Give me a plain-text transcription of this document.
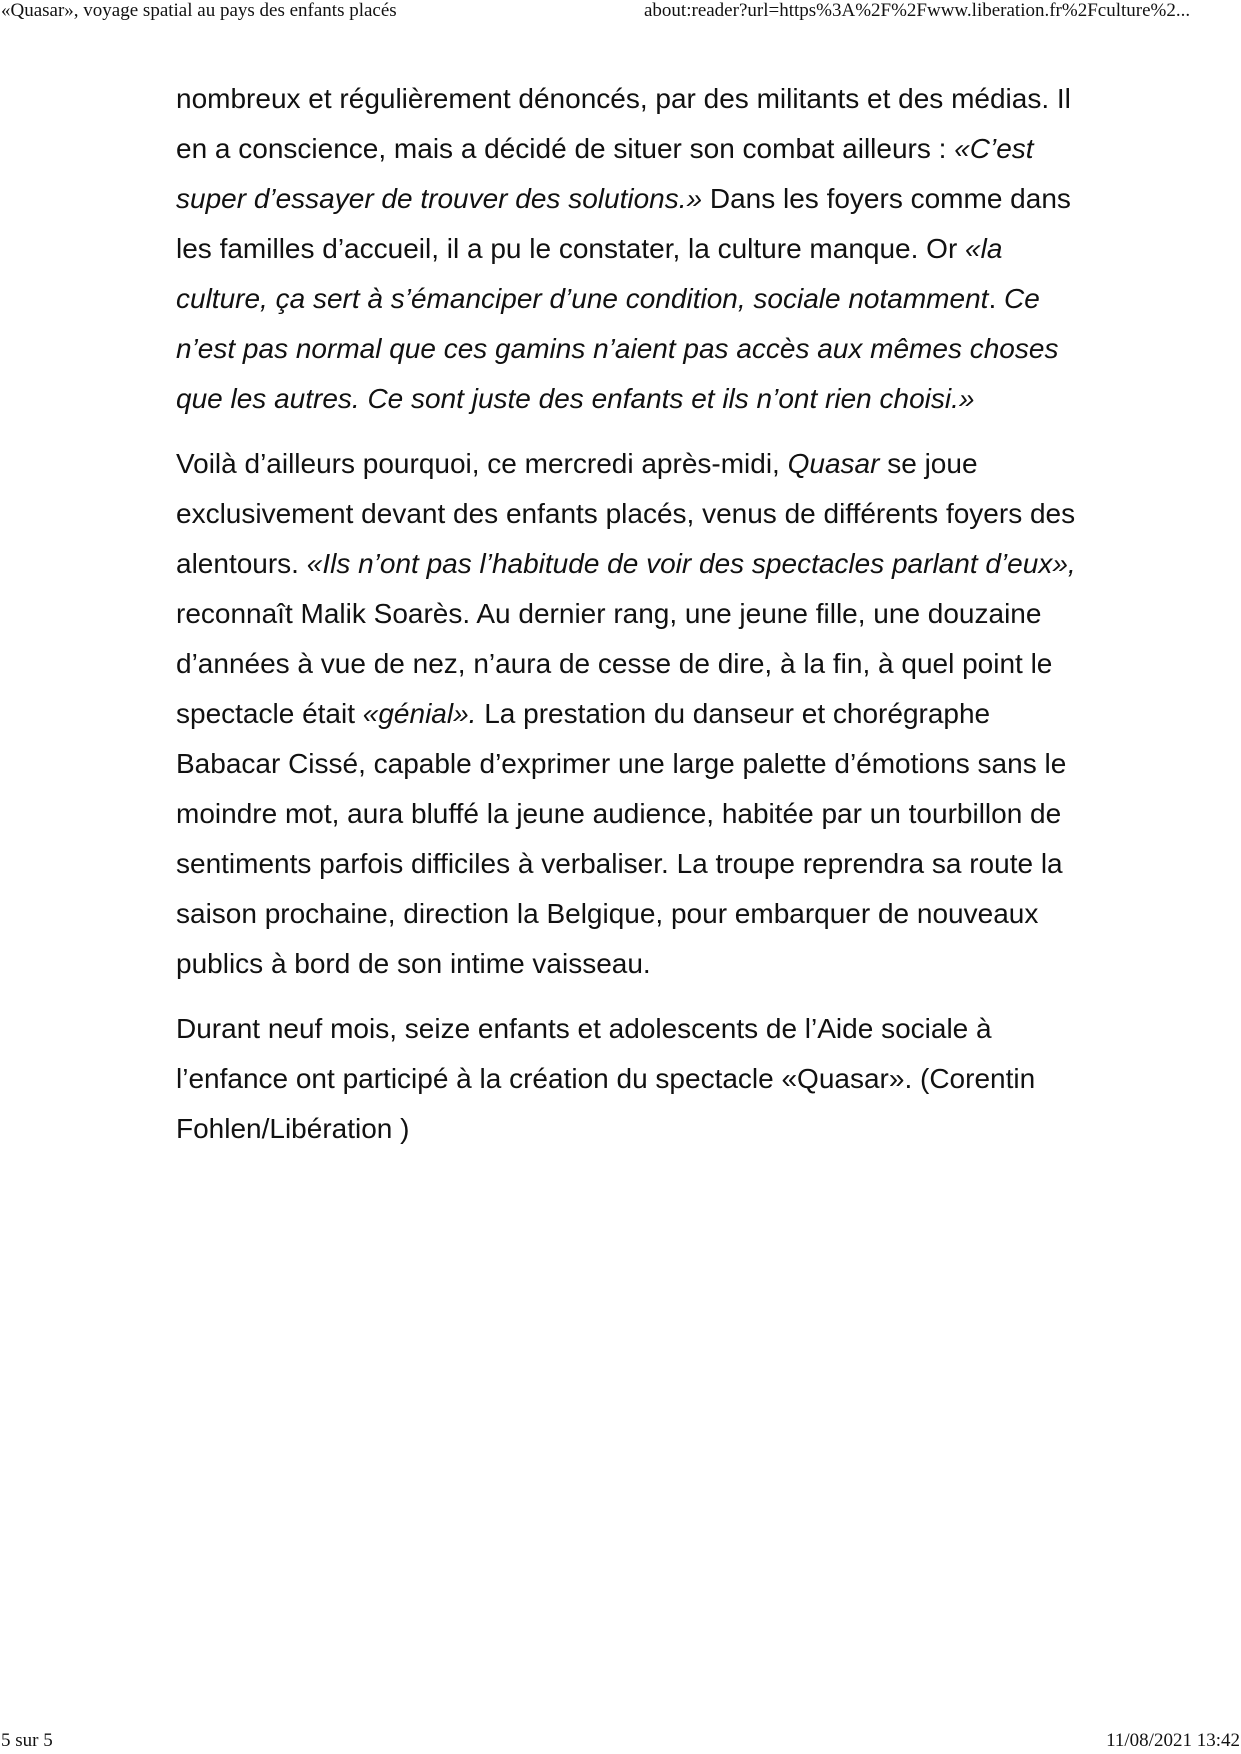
«Quasar», voyage spatial au pays des enfants placés	about:reader?url=https%3A%2F%2Fwww.liberation.fr%2Fculture%2...

nombreux et régulièrement dénoncés, par des militants et des médias. Il en a conscience, mais a décidé de situer son combat ailleurs : «C’est super d’essayer de trouver des solutions.» Dans les foyers comme dans les familles d’accueil, il a pu le constater, la culture manque. Or «la culture, ça sert à s’émanciper d’une condition, sociale notamment. Ce n’est pas normal que ces gamins n’aient pas accès aux mêmes choses que les autres. Ce sont juste des enfants et ils n’ont rien choisi.»

Voilà d’ailleurs pourquoi, ce mercredi après-midi, Quasar se joue exclusivement devant des enfants placés, venus de différents foyers des alentours. «Ils n’ont pas l’habitude de voir des spectacles parlant d’eux», reconnaît Malik Soarès. Au dernier rang, une jeune fille, une douzaine d’années à vue de nez, n’aura de cesse de dire, à la fin, à quel point le spectacle était «génial». La prestation du danseur et chorégraphe Babacar Cissé, capable d’exprimer une large palette d’émotions sans le moindre mot, aura bluffé la jeune audience, habitée par un tourbillon de sentiments parfois difficiles à verbaliser. La troupe reprendra sa route la saison prochaine, direction la Belgique, pour embarquer de nouveaux publics à bord de son intime vaisseau.

Durant neuf mois, seize enfants et adolescents de l’Aide sociale à l’enfance ont participé à la création du spectacle «Quasar». (Corentin Fohlen/Libération )

5 sur 5	11/08/2021 13:42
